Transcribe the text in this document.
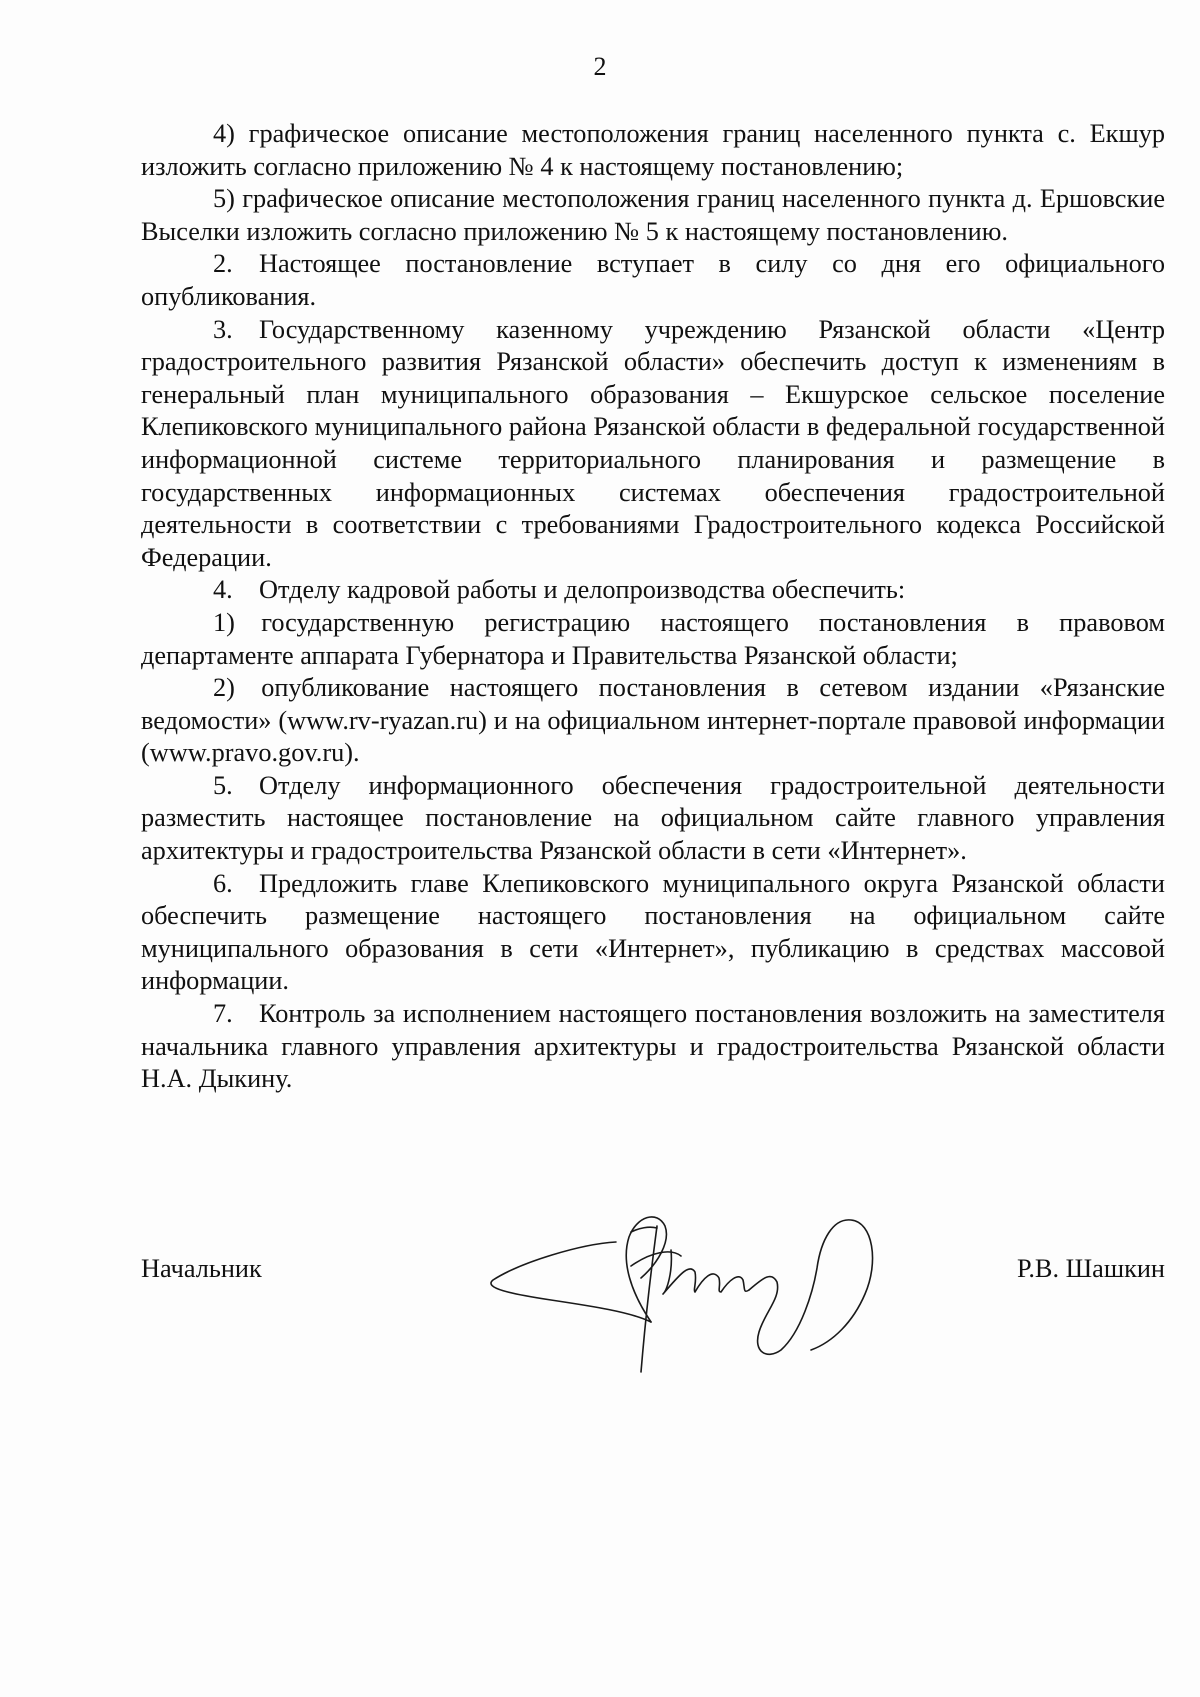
2

4) графическое описание местоположения границ населенного пункта с. Екшур изложить согласно приложению № 4 к настоящему постановлению;

5) графическое описание местоположения границ населенного пункта д. Ершовские Выселки изложить согласно приложению № 5 к настоящему постановлению.

2. Настоящее постановление вступает в силу со дня его официального опубликования.

3. Государственному казенному учреждению Рязанской области «Центр градостроительного развития Рязанской области» обеспечить доступ к изменениям в генеральный план муниципального образования – Екшурское сельское поселение Клепиковского муниципального района Рязанской области в федеральной государственной информационной системе территориального планирования и размещение в государственных информационных системах обеспечения градостроительной деятельности в соответствии с требованиями Градостроительного кодекса Российской Федерации.

4. Отделу кадровой работы и делопроизводства обеспечить:

1) государственную регистрацию настоящего постановления в правовом департаменте аппарата Губернатора и Правительства Рязанской области;

2) опубликование настоящего постановления в сетевом издании «Рязанские ведомости» (www.rv-ryazan.ru) и на официальном интернет-портале правовой информации (www.pravo.gov.ru).

5. Отделу информационного обеспечения градостроительной деятельности разместить настоящее постановление на официальном сайте главного управления архитектуры и градостроительства Рязанской области в сети «Интернет».

6. Предложить главе Клепиковского муниципального округа Рязанской области обеспечить размещение настоящего постановления на официальном сайте муниципального образования в сети «Интернет», публикацию в средствах массовой информации.

7. Контроль за исполнением настоящего постановления возложить на заместителя начальника главного управления архитектуры и градостроительства Рязанской области Н.А. Дыкину.

Начальник	Р.В. Шашкин
